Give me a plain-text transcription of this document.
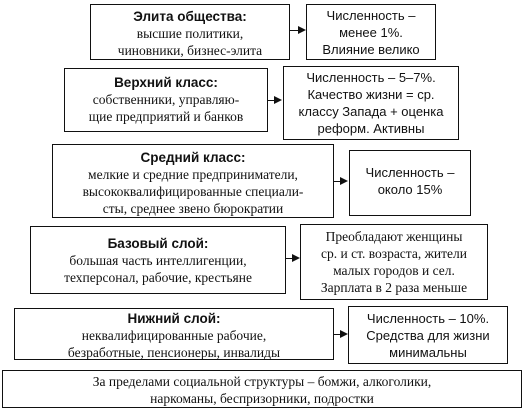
Элита общества:
высшие политики,
чиновники, бизнес-элита
Численность –
менее 1%.
Влияние велико
Верхний класс:
собственники, управляю-
щие предприятий и банков
Численность – 5–7%.
Качество жизни = ср.
классу Запада + оценка
реформ. Активны
Средний класс:
мелкие и средние предприниматели,
высококвалифицированные специали-
сты, среднее звено бюрократии
Численность –
около 15%
Базовый слой:
большая часть интеллигенции,
техперсонал, рабочие, крестьяне
Преобладают женщины
ср. и ст. возраста, жители
малых городов и сел.
Зарплата в 2 раза меньше
Нижний слой:
неквалифицированные рабочие,
безработные, пенсионеры, инвалиды
Численность – 10%.
Средства для жизни
минимальны
За пределами социальной структуры – бомжи, алкоголики,
наркоманы, беспризорники, подростки
